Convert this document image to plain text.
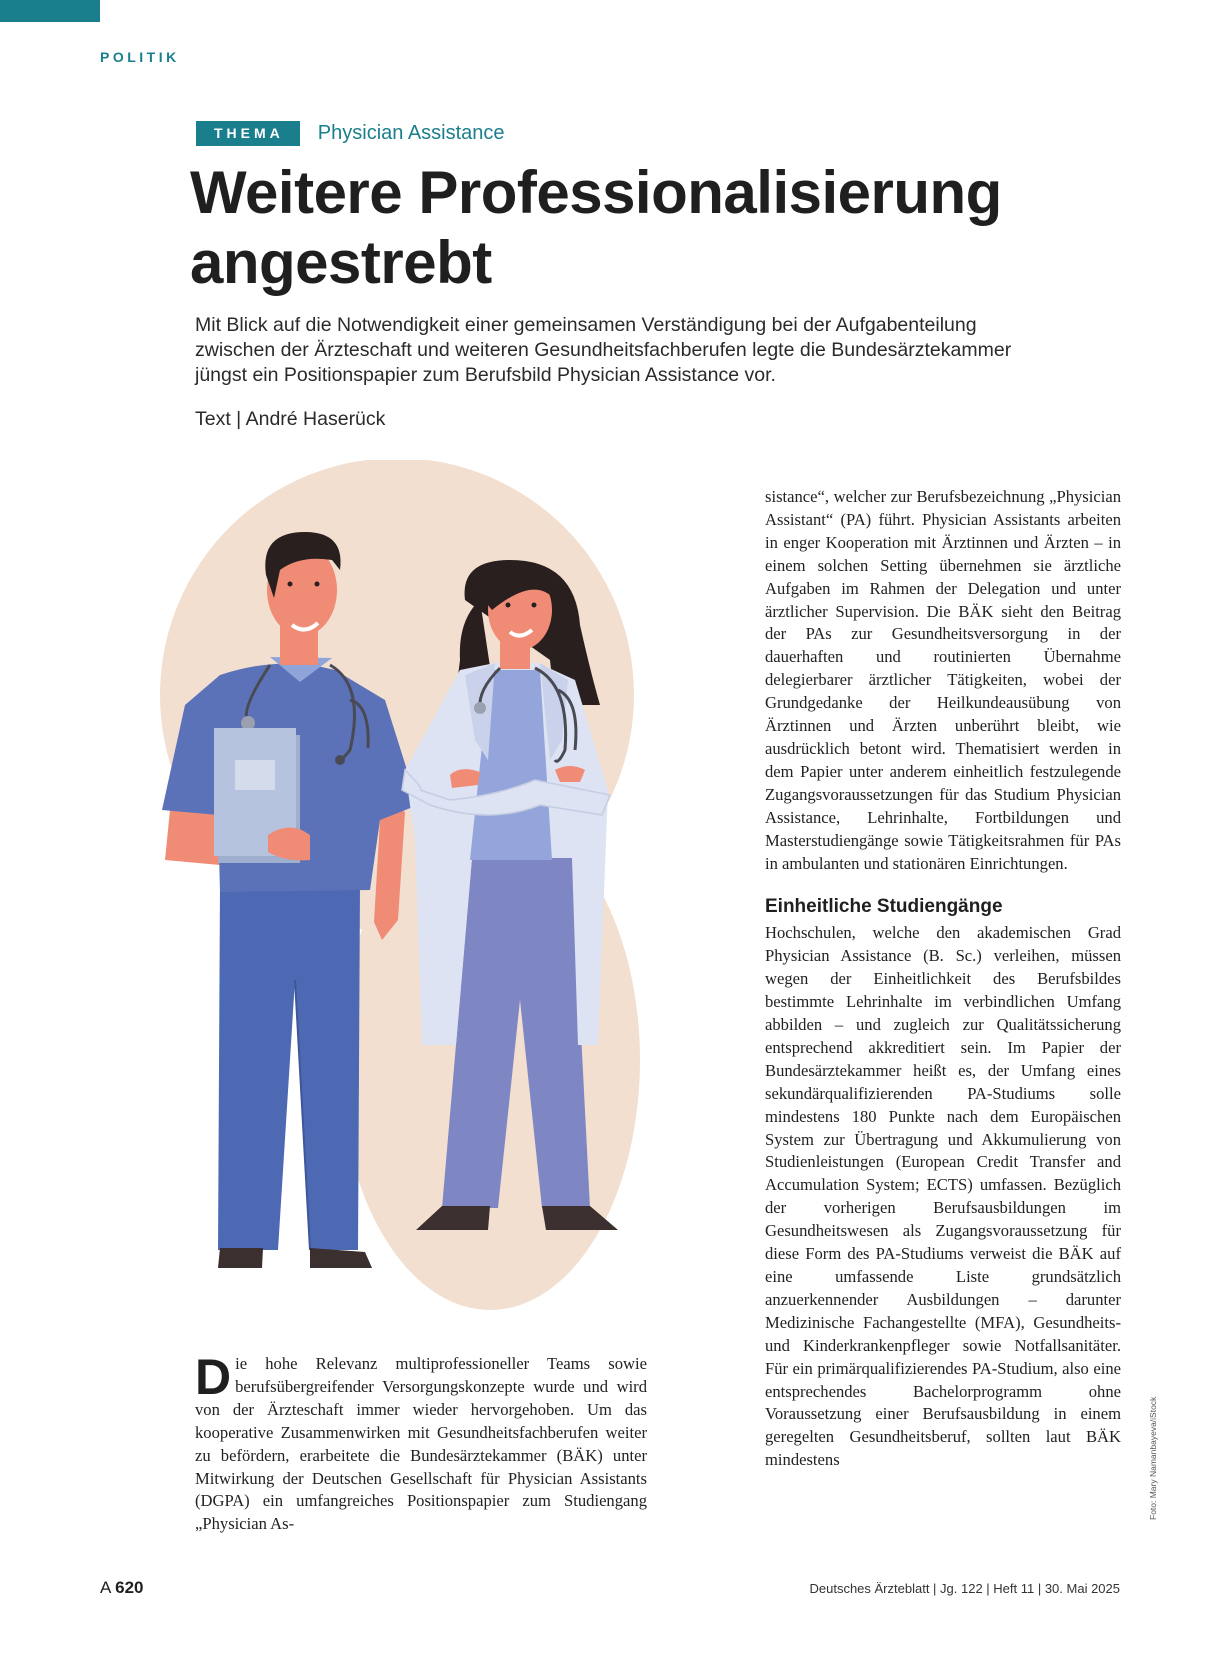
POLITIK
THEMA	Physician Assistance
Weitere Professionalisierung angestrebt

Mit Blick auf die Notwendigkeit einer gemeinsamen Verständigung bei der Aufgabenteilung zwischen der Ärzteschaft und weiteren Gesundheitsfachberufen legte die Bundesärztekammer jüngst ein Positionspapier zum Berufsbild Physician Assistance vor.

Text | André Haserück

Die hohe Relevanz multiprofessioneller Teams sowie berufsübergreifender Versorgungskonzepte wurde und wird von der Ärzteschaft immer wieder hervorgehoben. Um das kooperative Zusammenwirken mit Gesundheitsfachberufen weiter zu befördern, erarbeitete die Bundesärztekammer (BÄK) unter Mitwirkung der Deutschen Gesellschaft für Physician Assistants (DGPA) ein umfangreiches Positionspapier zum Studiengang „Physician As-

sistance“, welcher zur Berufsbezeichnung „Physician Assistant“ (PA) führt. Physician Assistants arbeiten in enger Kooperation mit Ärztinnen und Ärzten – in einem solchen Setting übernehmen sie ärztliche Aufgaben im Rahmen der Delegation und unter ärztlicher Supervision. Die BÄK sieht den Beitrag der PAs zur Gesundheitsversorgung in der dauerhaften und routinierten Übernahme delegierbarer ärztlicher Tätigkeiten, wobei der Grundgedanke der Heilkundeausübung von Ärztinnen und Ärzten unberührt bleibt, wie ausdrücklich betont wird. Thematisiert werden in dem Papier unter anderem einheitlich festzulegende Zugangsvoraussetzungen für das Studium Physician Assistance, Lehrinhalte, Fortbildungen und Masterstudiengänge sowie Tätigkeitsrahmen für PAs in ambulanten und stationären Einrichtungen.

Einheitliche Studiengänge

Hochschulen, welche den akademischen Grad Physician Assistance (B. Sc.) verleihen, müssen wegen der Einheitlichkeit des Berufsbildes bestimmte Lehrinhalte im verbindlichen Umfang abbilden – und zugleich zur Qualitätssicherung entsprechend akkreditiert sein. Im Papier der Bundesärztekammer heißt es, der Umfang eines sekundärqualifizierenden PA-Studiums solle mindestens 180 Punkte nach dem Europäischen System zur Übertragung und Akkumulierung von Studienleistungen (European Credit Transfer and Accumulation System; ECTS) umfassen. Bezüglich der vorherigen Berufsausbildungen im Gesundheitswesen als Zugangsvoraussetzung für diese Form des PA-Studiums verweist die BÄK auf eine umfassende Liste grundsätzlich anzuerkennender Ausbildungen – darunter Medizinische Fachangestellte (MFA), Gesundheits- und Kinderkrankenpfleger sowie Notfallsanitäter. Für ein primärqualifizierendes PA-Studium, also eine entsprechendes Bachelorprogramm ohne Voraussetzung einer Berufsausbildung in einem geregelten Gesundheitsberuf, sollten laut BÄK mindestens	Foto: Mary Namanbayeva/iStock
A 620	Deutsches Ärzteblatt | Jg. 122 | Heft 11 | 30. Mai 2025
